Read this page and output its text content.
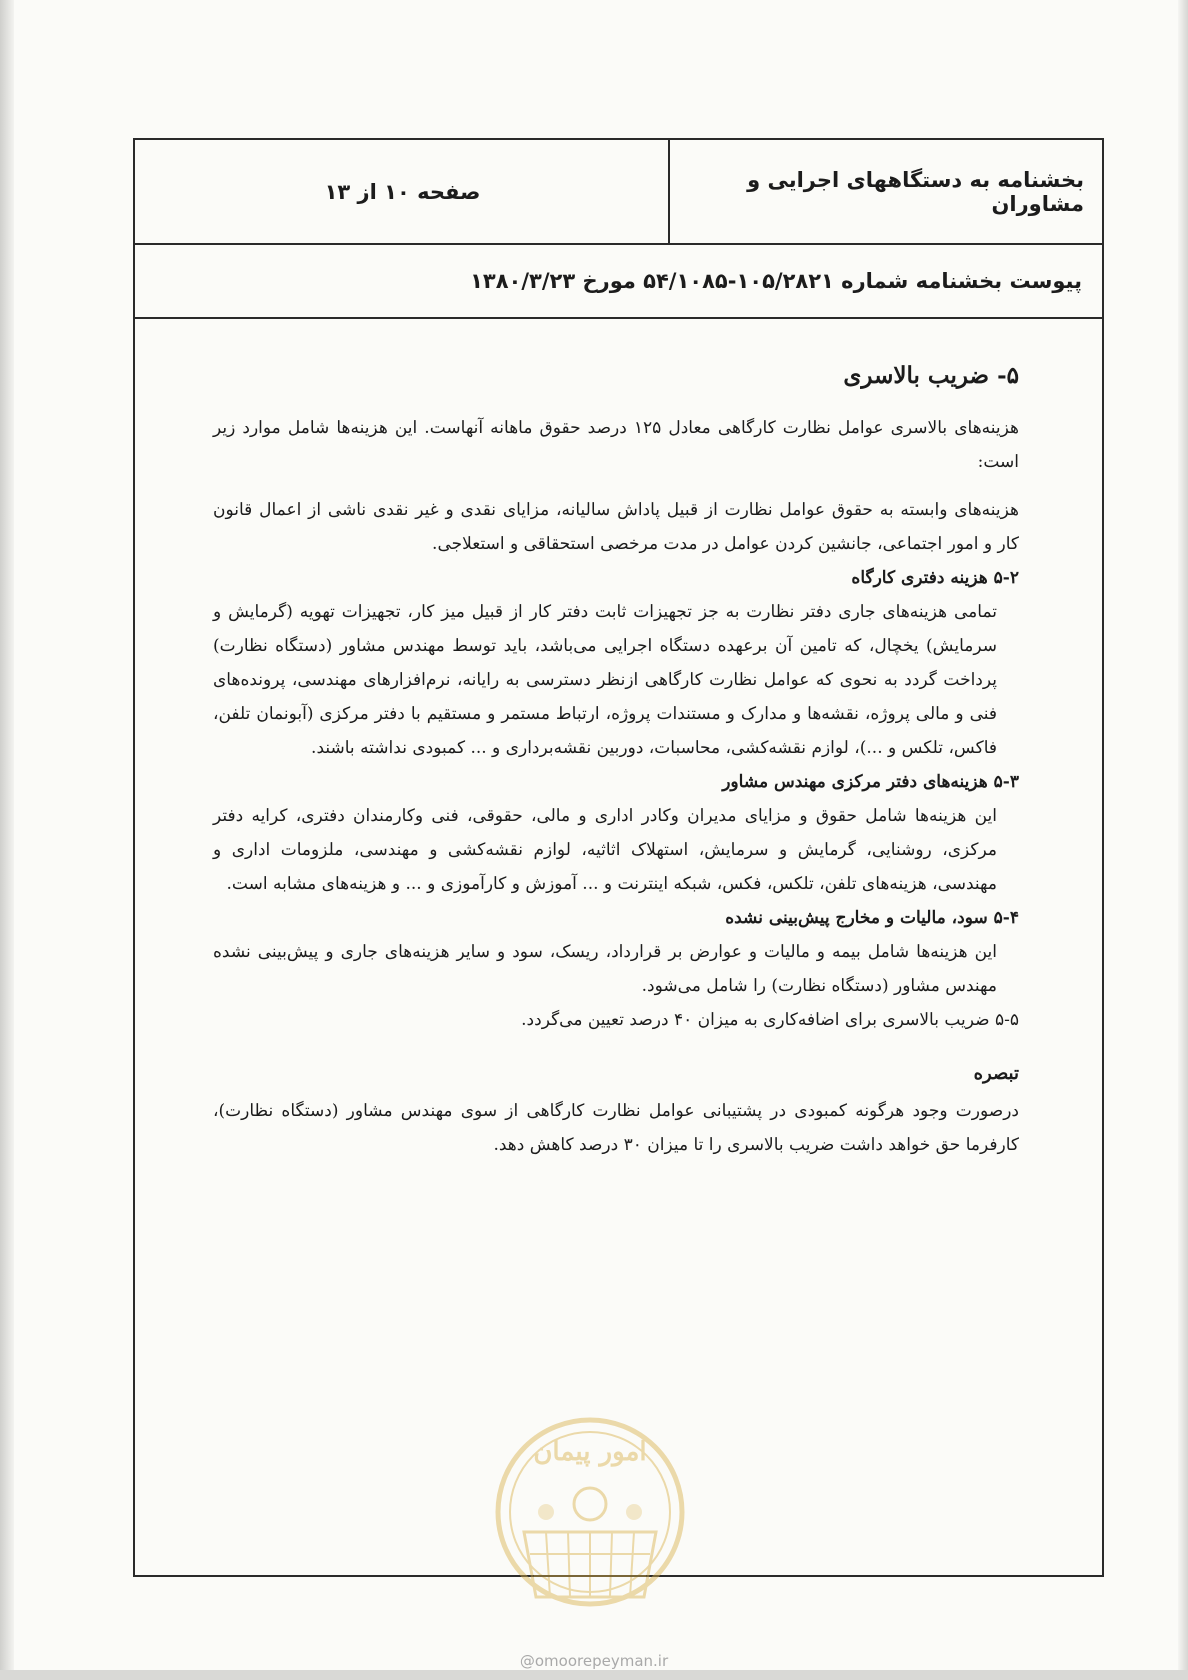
بخشنامه به دستگاههای اجرایی و مشاوران
صفحه ۱۰ از ۱۳
پیوست بخشنامه شماره ۱۰۵/۲۸۲۱-۵۴/۱۰۸۵ مورخ ۱۳۸۰/۳/۲۳
۵- ضریب بالاسری

هزینه‌های بالاسری عوامل نظارت کارگاهی معادل ۱۲۵ درصد حقوق ماهانه آنهاست. این هزینه‌ها شامل موارد زیر است:

هزینه‌های وابسته به حقوق عوامل نظارت از قبیل پاداش سالیانه، مزایای نقدی و غیر نقدی ناشی از اعمال قانون کار و امور اجتماعی، جانشین کردن عوامل در مدت مرخصی استحقاقی و استعلاجی.

۵-۲ هزینه دفتری کارگاه

تمامی هزینه‌های جاری دفتر نظارت به جز تجهیزات ثابت دفتر کار از قبیل میز کار، تجهیزات تهویه (گرمایش و سرمایش) یخچال، که تامین آن برعهده دستگاه اجرایی می‌باشد، باید توسط مهندس مشاور (دستگاه نظارت) پرداخت گردد به نحوی که عوامل نظارت کارگاهی ازنظر دسترسی به رایانه، نرم‌افزارهای مهندسی، پرونده‌های فنی و مالی پروژه، نقشه‌ها و مدارک و مستندات پروژه، ارتباط مستمر و مستقیم با دفتر مرکزی (آبونمان تلفن، فاکس، تلکس و ...)، لوازم نقشه‌کشی، محاسبات، دوربین نقشه‌برداری و ... کمبودی نداشته باشند.

۵-۳ هزینه‌های دفتر مرکزی مهندس مشاور

این هزینه‌ها شامل حقوق و مزایای مدیران وکادر اداری و مالی، حقوقی، فنی وکارمندان دفتری، کرایه دفتر مرکزی، روشنایی، گرمایش و سرمایش، استهلاک اثاثیه، لوازم نقشه‌کشی و مهندسی، ملزومات اداری و مهندسی، هزینه‌های تلفن، تلکس، فکس، شبکه اینترنت و ... آموزش و کارآموزی و ... و هزینه‌های مشابه است.

۵-۴ سود، مالیات و مخارج پیش‌بینی نشده

این هزینه‌ها شامل بیمه و مالیات و عوارض بر قرارداد، ریسک، سود و سایر هزینه‌های جاری و پیش‌بینی نشده مهندس مشاور (دستگاه نظارت) را شامل می‌شود.

۵-۵ ضریب بالاسری برای اضافه‌کاری به میزان ۴۰ درصد تعیین می‌گردد.

تبصره

درصورت وجود هرگونه کمبودی در پشتیبانی عوامل نظارت کارگاهی از سوی مهندس مشاور (دستگاه نظارت)، کارفرما حق خواهد داشت ضریب بالاسری را تا میزان ۳۰ درصد کاهش دهد.

امور پیمان
@omoorepeyman.ir
